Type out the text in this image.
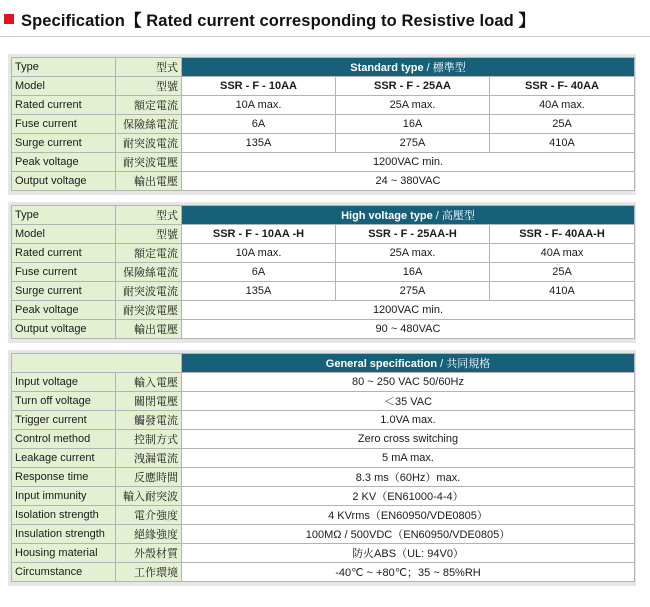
Specification【 Rated current corresponding to Resistive load 】
Type	型式	Standard type / 標準型		
Model	型號	SSR - F - 10AA	SSR - F - 25AA	SSR - F- 40AA
Rated current	額定電流	10A max.	25A max.	40A max.
Fuse current	保險絲電流	6A	16A	25A
Surge current	耐突波電流	135A	275A	410A
Peak voltage	耐突波電壓	1200VAC min.		
Output voltage	輸出電壓	24 ~ 380VAC		
Type	型式	High voltage type / 高壓型		
Model	型號	SSR - F - 10AA -H	SSR - F - 25AA-H	SSR - F- 40AA-H
Rated current	額定電流	10A max.	25A max.	40A max
Fuse current	保險絲電流	6A	16A	25A
Surge current	耐突波電流	135A	275A	410A
Peak voltage	耐突波電壓	1200VAC min.		
Output voltage	輸出電壓	90 ~ 480VAC		
		General specification / 共同規格
Input voltage	輸入電壓	80 ~ 250 VAC 50/60Hz
Turn off voltage	關閉電壓	＜35 VAC
Trigger current	觸發電流	1.0VA max.
Control method	控制方式	Zero cross switching
Leakage current	洩漏電流	5 mA max.
Response time	反應時間	8.3 ms（60Hz）max.
Input immunity	輸入耐突波	2 KV（EN61000-4-4）
Isolation strength	電介強度	4 KVrms（EN60950/VDE0805）
Insulation strength	絕緣強度	100MΩ / 500VDC（EN60950/VDE0805）
Housing material	外殼材質	防火ABS（UL: 94V0）
Circumstance	工作環境	-40℃ ~ +80℃；35 ~ 85%RH
